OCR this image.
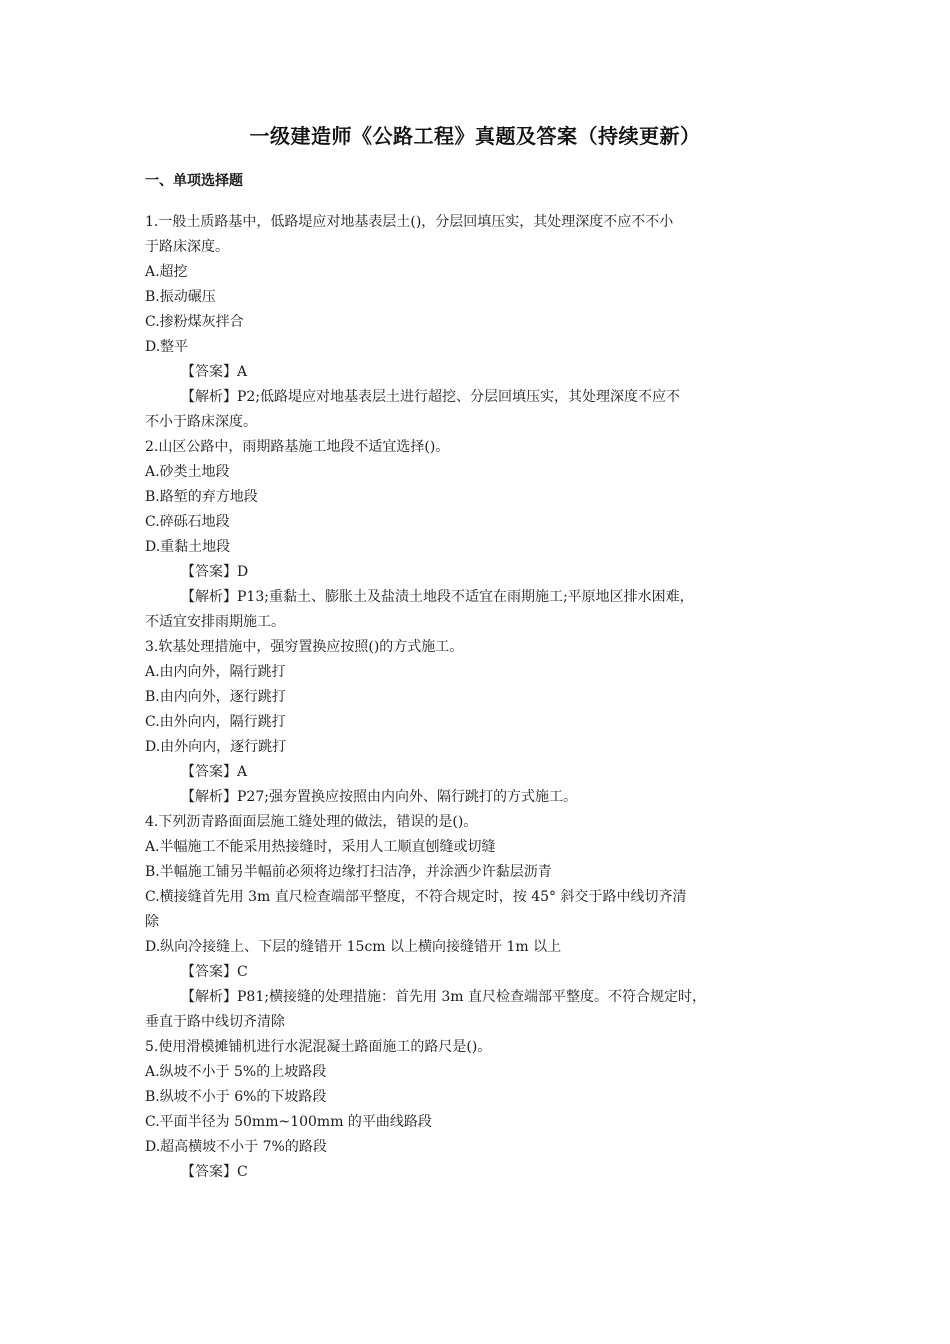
一级建造师《公路工程》真题及答案（持续更新）
一、单项选择题
1.一般土质路基中，低路堤应对地基表层土()，分层回填压实，其处理深度不应不不小
于路床深度。
A.超挖
B.振动碾压
C.掺粉煤灰拌合
D.整平
【答案】A
【解析】P2;低路堤应对地基表层土进行超挖、分层回填压实，其处理深度不应不
不小于路床深度。
2.山区公路中，雨期路基施工地段不适宜选择()。
A.砂类土地段
B.路堑的弃方地段
C.碎砾石地段
D.重黏土地段
【答案】D
【解析】P13;重黏土、膨胀土及盐渍土地段不适宜在雨期施工;平原地区排水困难，
不适宜安排雨期施工。
3.软基处理措施中，强穷置换应按照()的方式施工。
A.由内向外，隔行跳打
B.由内向外，逐行跳打
C.由外向内，隔行跳打
D.由外向内，逐行跳打
【答案】A
【解析】P27;强夯置换应按照由内向外、隔行跳打的方式施工。
4.下列沥青路面面层施工缝处理的做法，错误的是()。
A.半幅施工不能采用热接缝时，采用人工顺直刨缝或切缝
B.半幅施工铺另半幅前必须将边缘打扫洁净，并涂洒少许黏层沥青
C.横接缝首先用 3m 直尺检查端部平整度，不符合规定时，按 45° 斜交于路中线切齐清
除
D.纵向冷接缝上、下层的缝错开 15cm 以上横向接缝错开 1m 以上
【答案】C
【解析】P81;横接缝的处理措施：首先用 3m 直尺检查端部平整度。不符合规定时，
垂直于路中线切齐清除
5.使用滑模摊铺机进行水泥混凝土路面施工的路尺是()。
A.纵坡不小于 5%的上坡路段
B.纵坡不小于 6%的下坡路段
C.平面半径为 50mm~100mm 的平曲线路段
D.超高横坡不小于 7%的路段
【答案】C
